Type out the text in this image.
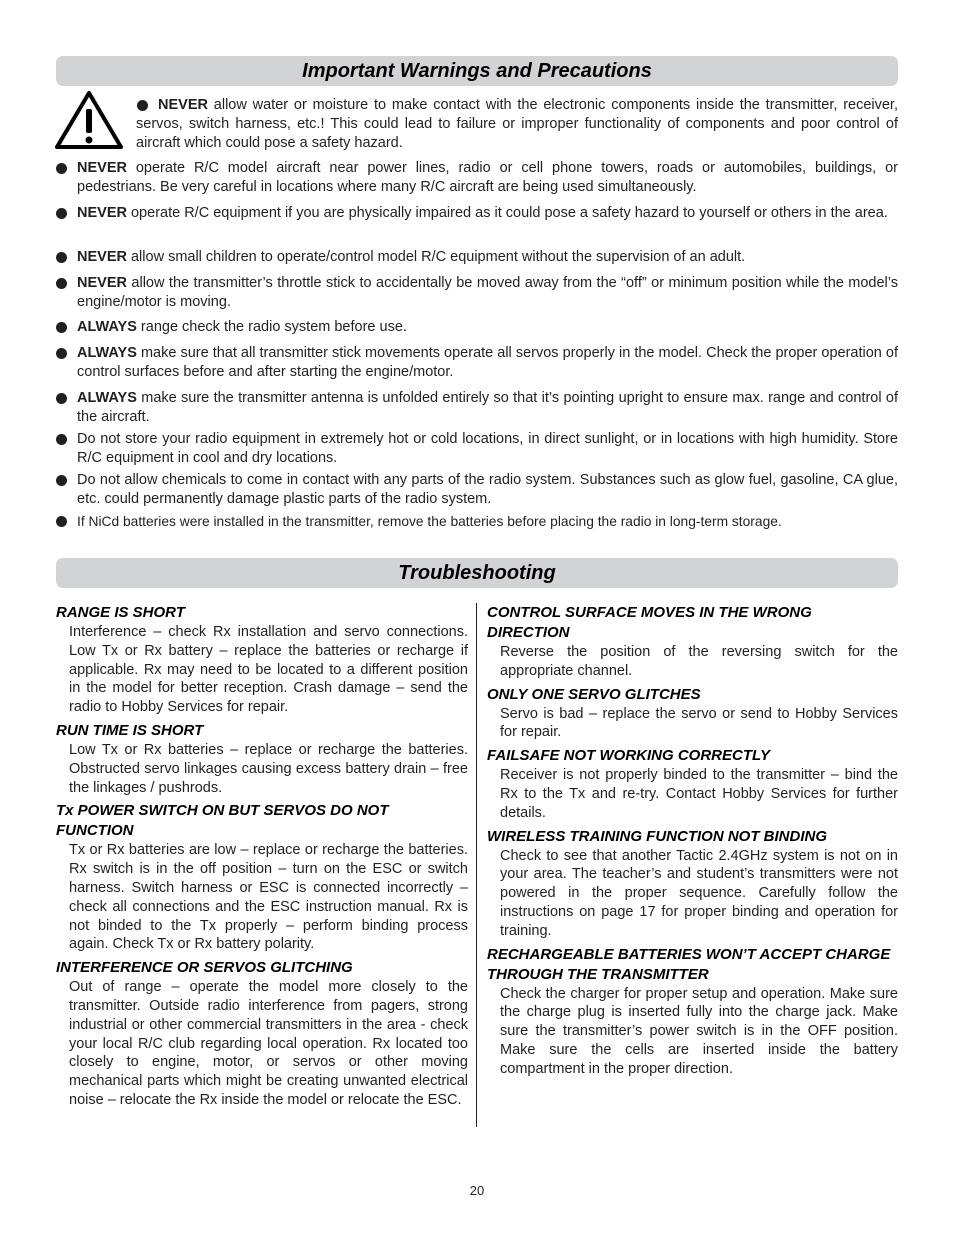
Important Warnings and Precautions
NEVER allow water or moisture to make contact with the electronic components inside the transmitter, receiver, servos, switch harness, etc.! This could lead to failure or improper functionality of components and poor control of aircraft which could pose a safety hazard.
NEVER operate R/C model aircraft near power lines, radio or cell phone towers, roads or automobiles, buildings, or pedestrians. Be very careful in locations where many R/C aircraft are being used simultaneously.
NEVER operate R/C equipment if you are physically impaired as it could pose a safety hazard to yourself or others in the area.
NEVER allow small children to operate/control model R/C equipment without the supervision of an adult.
NEVER allow the transmitter’s throttle stick to accidentally be moved away from the “off” or minimum position while the model’s engine/motor is moving.
ALWAYS range check the radio system before use.
ALWAYS make sure that all transmitter stick movements operate all servos properly in the model. Check the proper operation of control surfaces before and after starting the engine/motor.
ALWAYS make sure the transmitter antenna is unfolded entirely so that it’s pointing upright to ensure max. range and control of the aircraft.
Do not store your radio equipment in extremely hot or cold locations, in direct sunlight, or in locations with high humidity. Store R/C equipment in cool and dry locations.
Do not allow chemicals to come in contact with any parts of the radio system. Substances such as glow fuel, gasoline, CA glue, etc. could permanently damage plastic parts of the radio system.
If NiCd batteries were installed in the transmitter, remove the batteries before placing the radio in long-term storage.
Troubleshooting

RANGE IS SHORT

Interference – check Rx installation and servo connections. Low Tx or Rx battery – replace the batteries or recharge if applicable. Rx may need to be located to a different position in the model for better reception. Crash damage – send the radio to Hobby Services for repair.

RUN TIME IS SHORT

Low Tx or Rx batteries – replace or recharge the batteries. Obstructed servo linkages causing excess battery drain – free the linkages / pushrods.

Tx POWER SWITCH ON BUT SERVOS DO NOT FUNCTION

Tx or Rx batteries are low – replace or recharge the batteries. Rx switch is in the off position – turn on the ESC or switch harness. Switch harness or ESC is connected incorrectly – check all connections and the ESC instruction manual. Rx is not binded to the Tx properly – perform binding process again. Check Tx or Rx battery polarity.

INTERFERENCE OR SERVOS GLITCHING

Out of range – operate the model more closely to the transmitter. Outside radio interference from pagers, strong industrial or other commercial transmitters in the area - check your local R/C club regarding local operation. Rx located too closely to engine, motor, or servos or other moving mechanical parts which might be creating unwanted electrical noise – relocate the Rx inside the model or relocate the ESC.

CONTROL SURFACE MOVES IN THE WRONG DIRECTION

Reverse the position of the reversing switch for the appropriate channel.

ONLY ONE SERVO GLITCHES

Servo is bad – replace the servo or send to Hobby Services for repair.

FAILSAFE NOT WORKING CORRECTLY

Receiver is not properly binded to the transmitter – bind the Rx to the Tx and re-try. Contact Hobby Services for further details.

WIRELESS TRAINING FUNCTION NOT BINDING

Check to see that another Tactic 2.4GHz system is not on in your area. The teacher’s and student’s transmitters were not powered in the proper sequence. Carefully follow the instructions on page 17 for proper binding and operation for training.

RECHARGEABLE BATTERIES WON’T ACCEPT CHARGE THROUGH THE TRANSMITTER

Check the charger for proper setup and operation. Make sure the charge plug is inserted fully into the charge jack. Make sure the transmitter’s power switch is in the OFF position. Make sure the cells are inserted inside the battery compartment in the proper direction.

20
